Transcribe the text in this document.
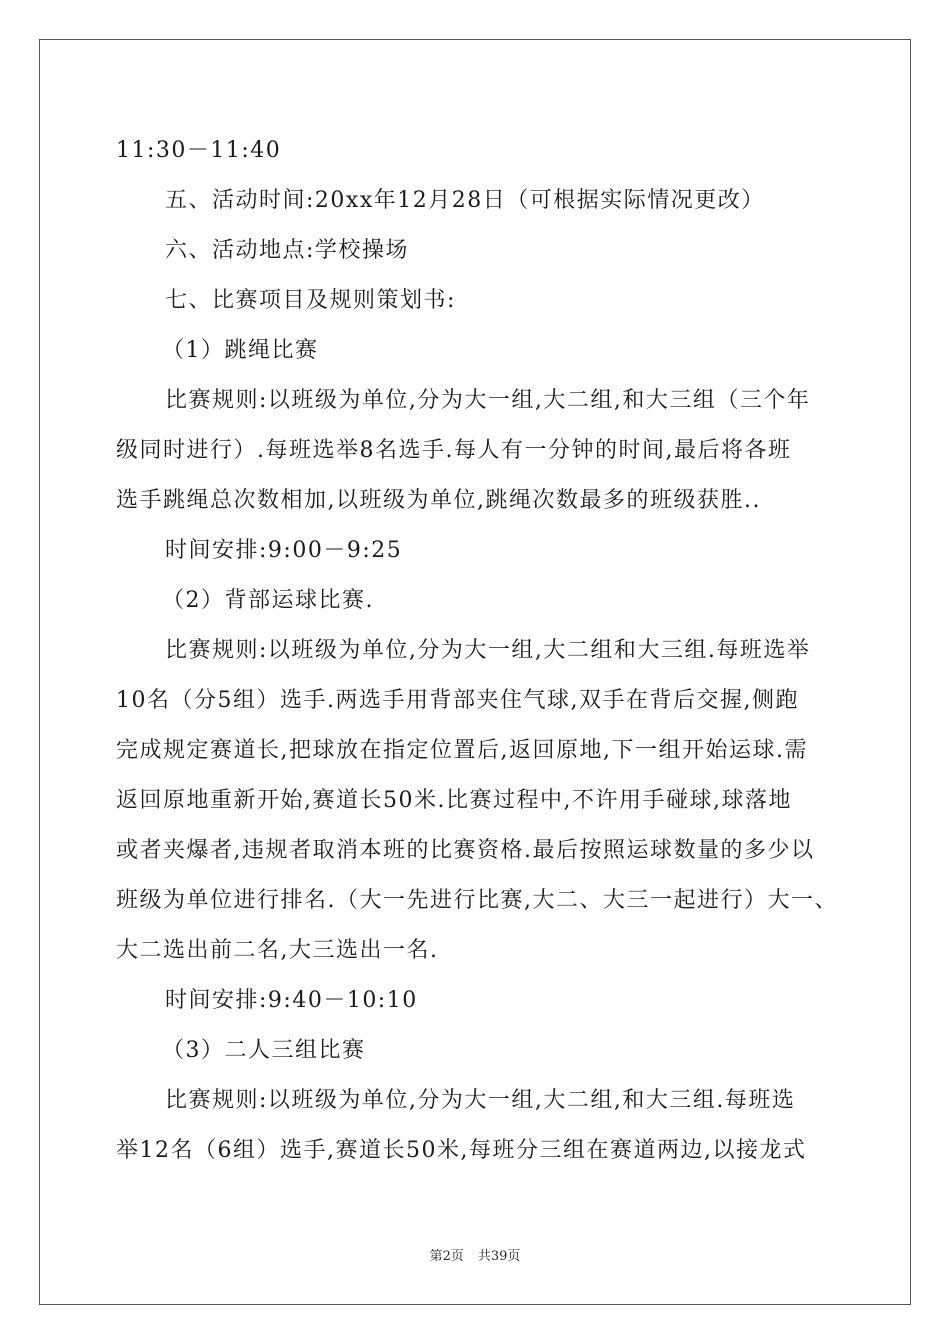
11:30－11:40
五、活动时间:20xx年12月28日（可根据实际情况更改）
六、活动地点:学校操场
七、比赛项目及规则策划书:
（1）跳绳比赛
比赛规则:以班级为单位,分为大一组,大二组,和大三组（三个年
级同时进行）.每班选举8名选手.每人有一分钟的时间,最后将各班
选手跳绳总次数相加,以班级为单位,跳绳次数最多的班级获胜..
时间安排:9:00－9:25
（2）背部运球比赛.
比赛规则:以班级为单位,分为大一组,大二组和大三组.每班选举
10名（分5组）选手.两选手用背部夹住气球,双手在背后交握,侧跑
完成规定赛道长,把球放在指定位置后,返回原地,下一组开始运球.需
返回原地重新开始,赛道长50米.比赛过程中,不许用手碰球,球落地
或者夹爆者,违规者取消本班的比赛资格.最后按照运球数量的多少以
班级为单位进行排名.（大一先进行比赛,大二、大三一起进行）大一、
大二选出前二名,大三选出一名.
时间安排:9:40－10:10
（3）二人三组比赛
比赛规则:以班级为单位,分为大一组,大二组,和大三组.每班选
举12名（6组）选手,赛道长50米,每班分三组在赛道两边,以接龙式
第2页 共39页
